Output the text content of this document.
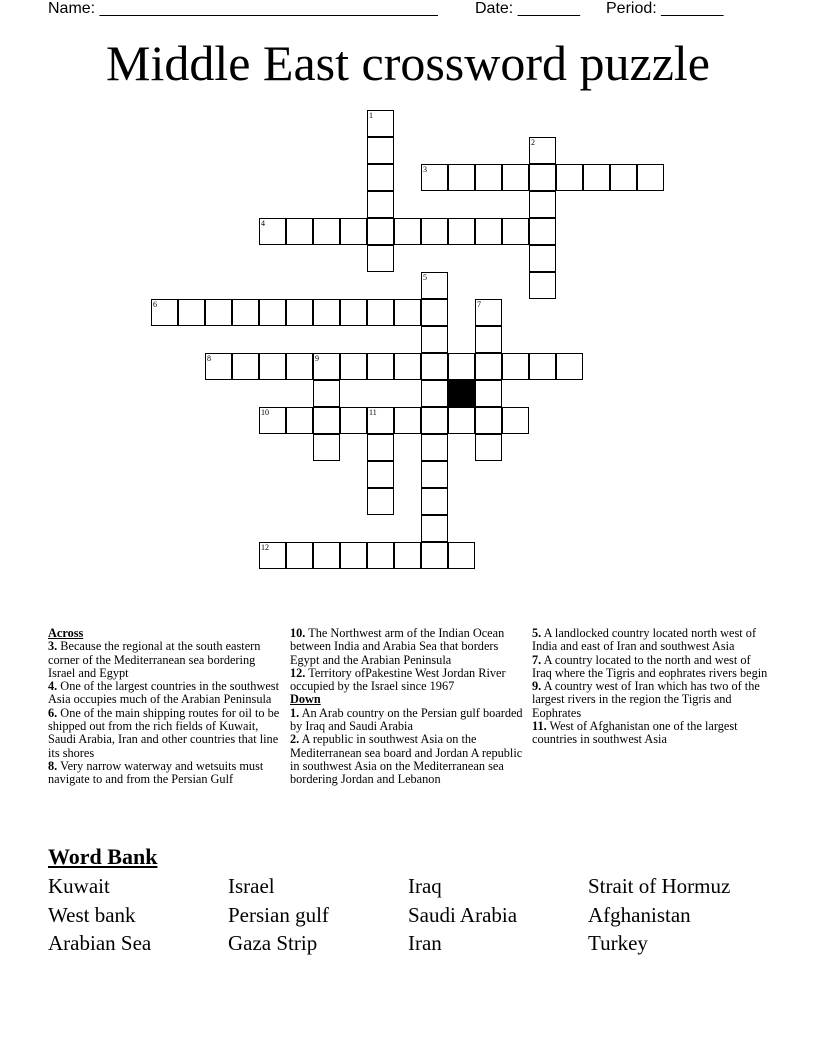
Name: ______________________________________ Date: _______ Period: _______
Middle East crossword puzzle
1
2
3
4
5
6	7
8	9
10	11
12

Across

3. Because the regional at the south eastern corner of the Mediterranean sea bordering Israel and Egypt

4. One of the largest countries in the southwest Asia occupies much of the Arabian Peninsula

6. One of the main shipping routes for oil to be shipped out from the rich fields of Kuwait, Saudi Arabia, Iran and other countries that line its shores

8. Very narrow waterway and wetsuits must navigate to and from the Persian Gulf

10. The Northwest arm of the Indian Ocean between India and Arabia Sea that borders Egypt and the Arabian Peninsula

12. Territory ofPakestine West Jordan River occupied by the Israel since 1967

Down

1. An Arab country on the Persian gulf boarded by Iraq and Saudi Arabia

2. A republic in southwest Asia on the Mediterranean sea board and Jordan A republic in southwest Asia on the Mediterranean sea bordering Jordan and Lebanon

5. A landlocked country located north west of India and east of Iran and southwest Asia

7. A country located to the north and west of Iraq where the Tigris and eophrates rivers begin

9. A country west of Iran which has two of the largest rivers in the region the Tigris and Eophrates

11. West of Afghanistan one of the largest countries in southwest Asia

Word Bank
Kuwait	Israel	Iraq	Strait of Hormuz
West bank	Persian gulf	Saudi Arabia	Afghanistan
Arabian Sea	Gaza Strip	Iran	Turkey
